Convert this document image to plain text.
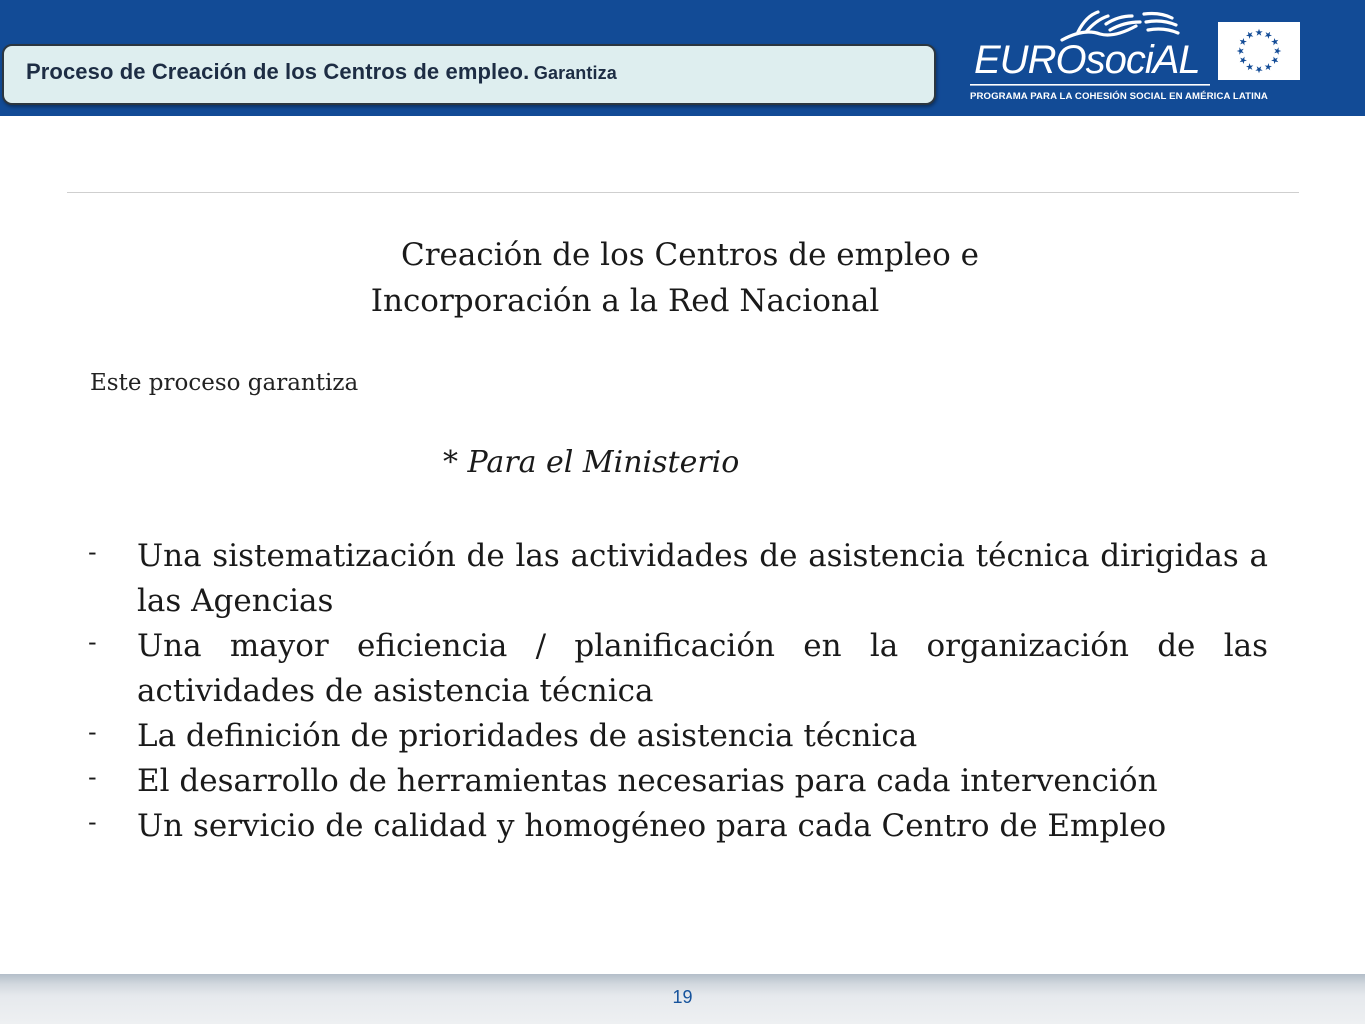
Proceso de Creación de los Centros de empleo. Garantiza	EUROsociAL
PROGRAMA PARA LA COHESIÓN SOCIAL EN AMÉRICA LATINA
Creación de los Centros de empleo e
Incorporación a la Red Nacional
Este proceso garantiza
* Para el Ministerio
- Una sistematización de las actividades de asistencia técnica dirigidas a las Agencias
- Una mayor eficiencia / planificación en la organización de las actividades de asistencia técnica
- La definición de prioridades de asistencia técnica
- El desarrollo de herramientas necesarias para cada intervención
- Un servicio de calidad y homogéneo para cada Centro de Empleo
19
